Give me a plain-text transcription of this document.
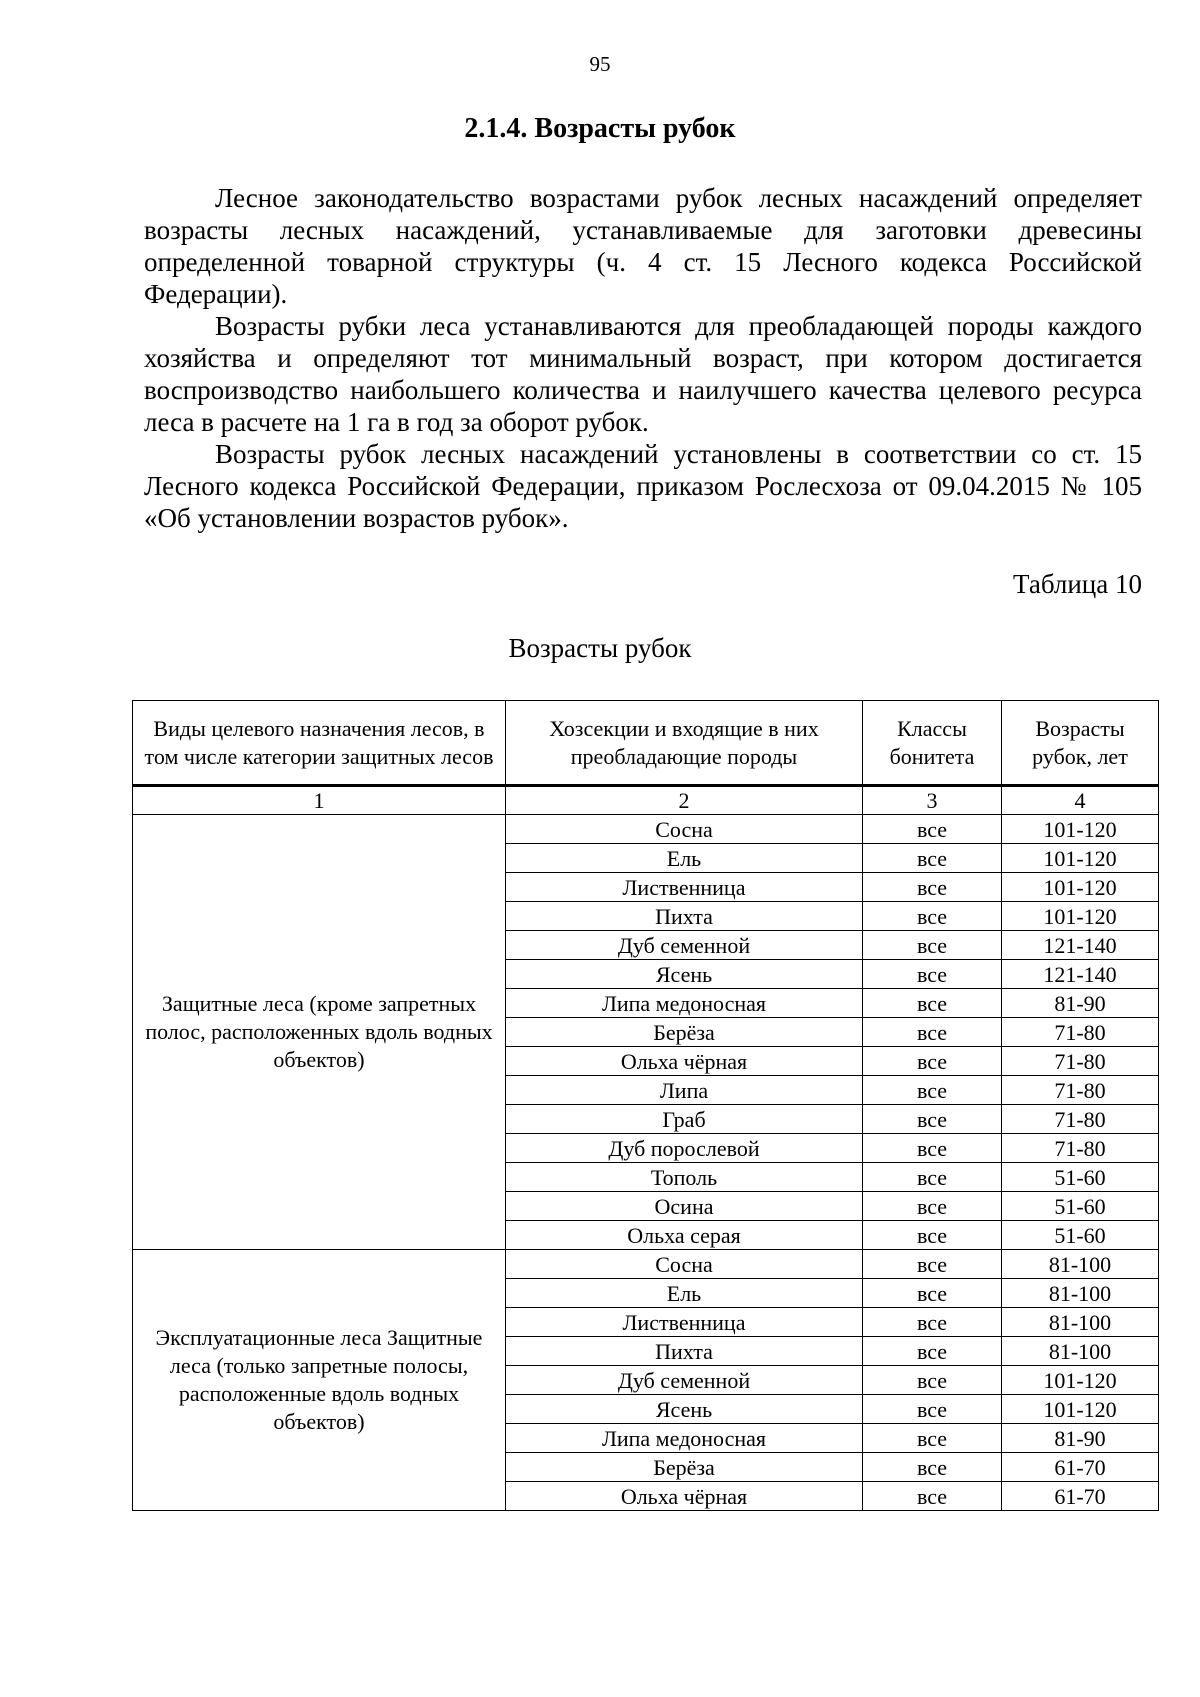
95
2.1.4. Возрасты рубок

Лесное законодательство возрастами рубок лесных насаждений определяет возрасты лесных насаждений, устанавливаемые для заготовки древесины определенной товарной структуры (ч. 4 ст. 15 Лесного кодекса Российской Федерации).

Возрасты рубки леса устанавливаются для преобладающей породы каждого хозяйства и определяют тот минимальный возраст, при котором достигается воспроизводство наибольшего количества и наилучшего качества целевого ресурса леса в расчете на 1 га в год за оборот рубок.

Возрасты рубок лесных насаждений установлены в соответствии со ст. 15 Лесного кодекса Российской Федерации, приказом Рослесхоза от 09.04.2015 № 105 «Об установлении возрастов рубок».

Таблица 10
Возрасты рубок
Виды целевого назначения лесов, в том числе категории защитных лесов	Хозсекции и входящие в них преобладающие породы	Классы бонитета	Возрасты рубок, лет
1	2	3	4
Защитные леса (кроме запретных полос, расположенных вдоль водных объектов)	Сосна	все	101-120
	Ель	все	101-120
	Лиственница	все	101-120
	Пихта	все	101-120
	Дуб семенной	все	121-140
	Ясень	все	121-140
	Липа медоносная	все	81-90
	Берёза	все	71-80
	Ольха чёрная	все	71-80
	Липа	все	71-80
	Граб	все	71-80
	Дуб порослевой	все	71-80
	Тополь	все	51-60
	Осина	все	51-60
	Ольха серая	все	51-60
Эксплуатационные леса Защитные леса (только запретные полосы, расположенные вдоль водных объектов)	Сосна	все	81-100
	Ель	все	81-100
	Лиственница	все	81-100
	Пихта	все	81-100
	Дуб семенной	все	101-120
	Ясень	все	101-120
	Липа медоносная	все	81-90
	Берёза	все	61-70
	Ольха чёрная	все	61-70
